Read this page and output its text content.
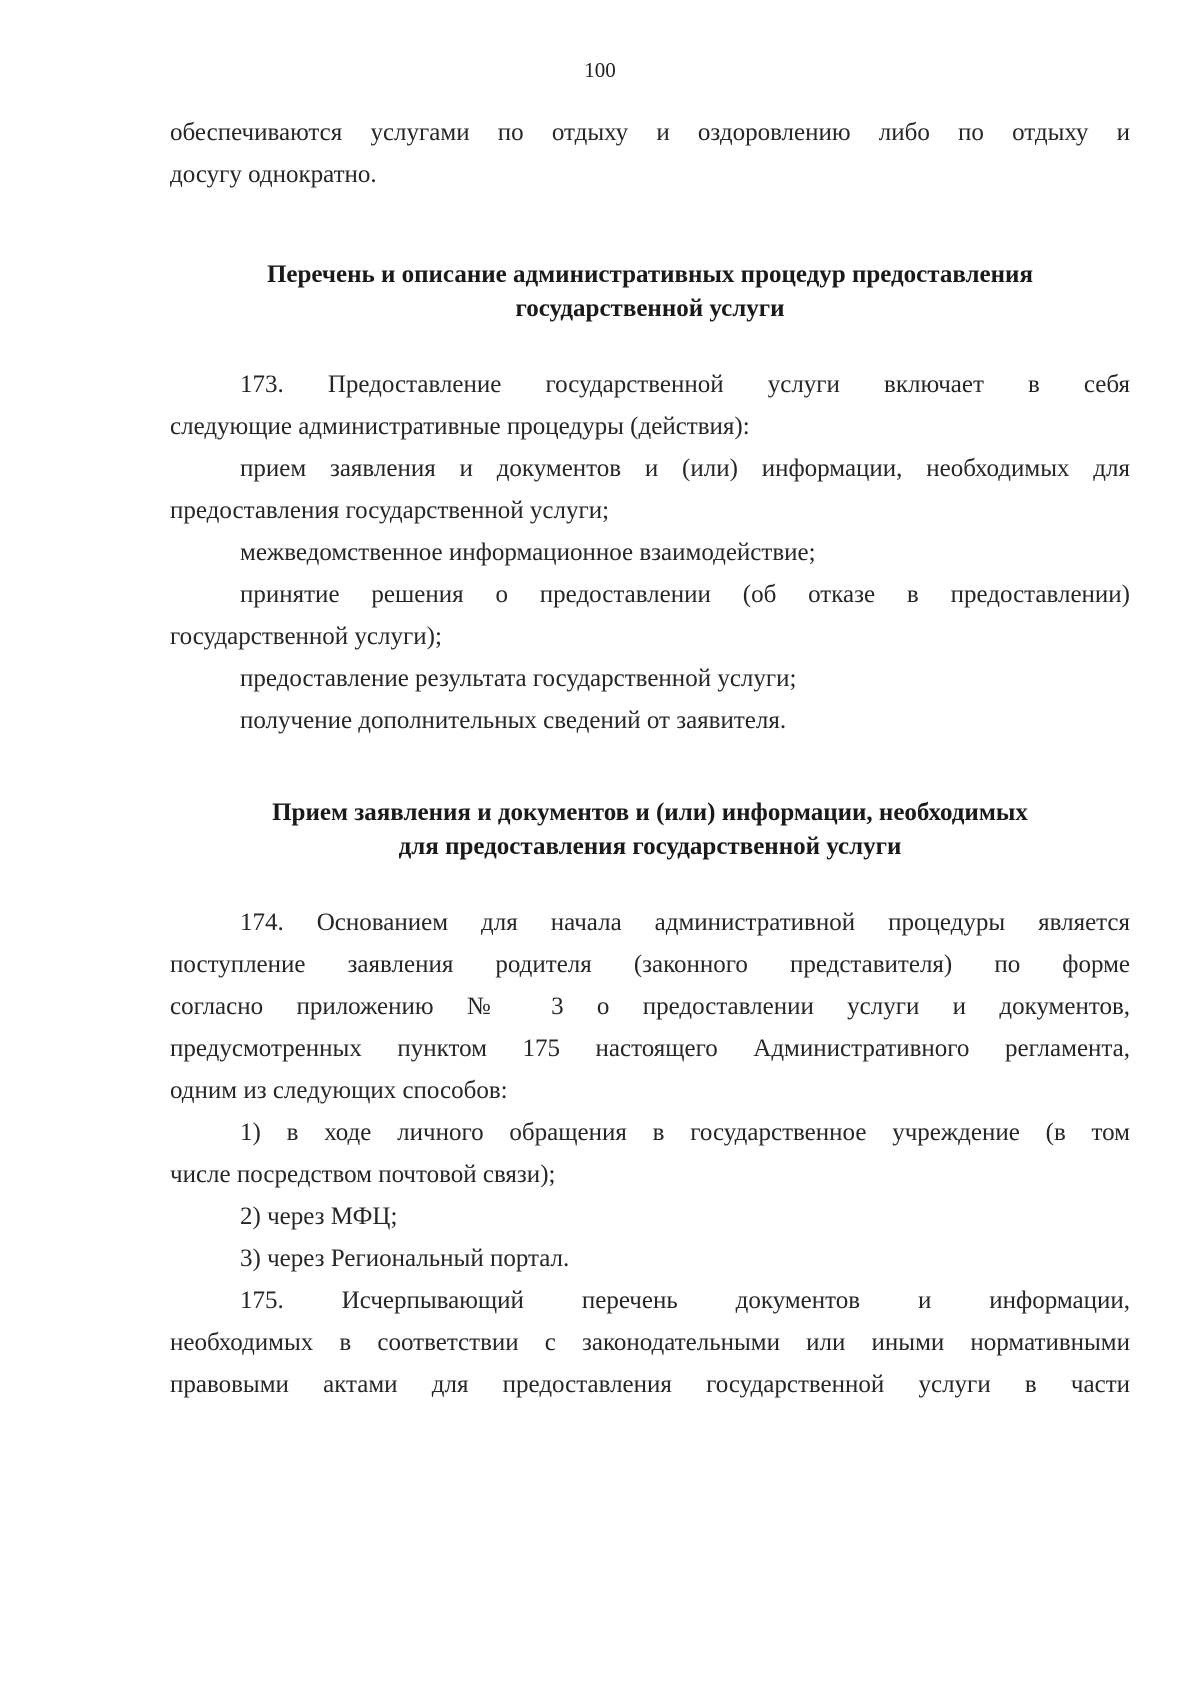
100

обеспечиваются услугами по отдыху и оздоровлению либо по отдыху и

досугу однократно.

Перечень и описание административных процедур предоставления
государственной услуги

173. Предоставление государственной услуги включает в себя

следующие административные процедуры (действия):

прием заявления и документов и (или) информации, необходимых для

предоставления государственной услуги;

межведомственное информационное взаимодействие;

принятие решения о предоставлении (об отказе в предоставлении)

государственной услуги);

предоставление результата государственной услуги;

получение дополнительных сведений от заявителя.

Прием заявления и документов и (или) информации, необходимых
для предоставления государственной услуги

174. Основанием для начала административной процедуры является

поступление заявления родителя (законного представителя) по форме

согласно приложению № 3 о предоставлении услуги и документов,

предусмотренных пунктом 175 настоящего Административного регламента,

одним из следующих способов:

1) в ходе личного обращения в государственное учреждение (в том

числе посредством почтовой связи);

2) через МФЦ;

3) через Региональный портал.

175. Исчерпывающий перечень документов и информации,

необходимых в соответствии с законодательными или иными нормативными

правовыми актами для предоставления государственной услуги в части
